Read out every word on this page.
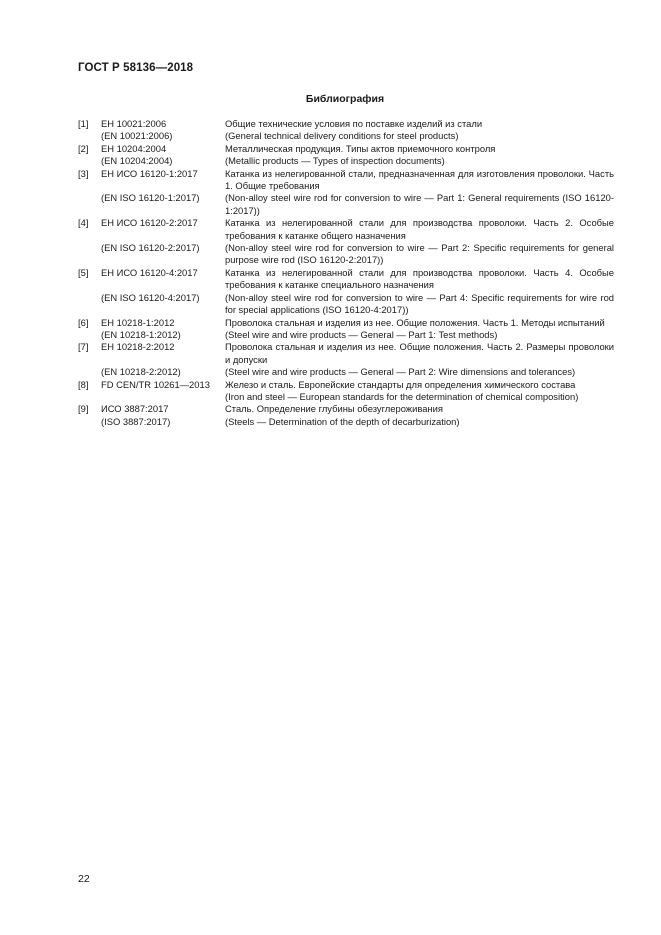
ГОСТ Р 58136—2018
Библиография
[1]	ЕН 10021:2006	Общие технические условия по поставке изделий из стали
(EN 10021:2006)	(General technical delivery conditions for steel products)
[2]	ЕН 10204:2004	Металлическая продукция. Типы актов приемочного контроля
(EN 10204:2004)	(Metallic products — Types of inspection documents)
[3]	ЕН ИСО 16120-1:2017	Катанка из нелегированной стали, предназначенная для изготовления проволоки. Часть 1. Общие требования
(EN ISO 16120-1:2017)	(Non-alloy steel wire rod for conversion to wire — Part 1: General requirements (ISO 16120-1:2017))
[4]	ЕН ИСО 16120-2:2017	Катанка из нелегированной стали для производства проволоки. Часть 2. Особые требования к катанке общего назначения
(EN ISO 16120-2:2017)	(Non-alloy steel wire rod for conversion to wire — Part 2: Specific requirements for general purpose wire rod (ISO 16120-2:2017))
[5]	ЕН ИСО 16120-4:2017	Катанка из нелегированной стали для производства проволоки. Часть 4. Особые требования к катанке специального назначения
(EN ISO 16120-4:2017)	(Non-alloy steel wire rod for conversion to wire — Part 4: Specific requirements for wire rod for special applications (ISO 16120-4:2017))
[6]	ЕН 10218-1:2012	Проволока стальная и изделия из нее. Общие положения. Часть 1. Методы испытаний
(EN 10218-1:2012)	(Steel wire and wire products — General — Part 1: Test methods)
[7]	ЕН 10218-2:2012	Проволока стальная и изделия из нее. Общие положения. Часть 2. Размеры проволоки и допуски
(EN 10218-2:2012)	(Steel wire and wire products — General — Part 2: Wire dimensions and tolerances)
[8]	FD CEN/TR 10261—2013	Железо и сталь. Европейские стандарты для определения химического состава
(Iron and steel — European standards for the determination of chemical composition)
[9]	ИСО 3887:2017	Сталь. Определение глубины обезуглероживания
(ISO 3887:2017)	(Steels — Determination of the depth of decarburization)
22
